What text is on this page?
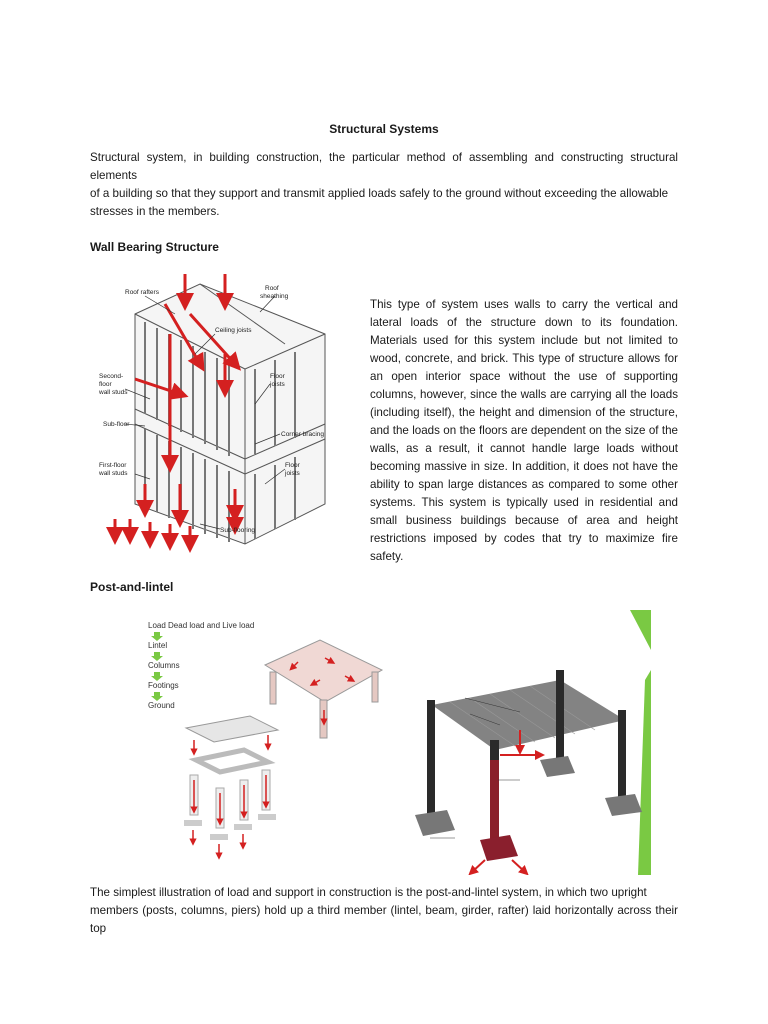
Structural Systems

Structural system, in building construction, the particular method of assembling and constructing structural elements
of a building so that they support and transmit applied loads safely to the ground without exceeding the allowable
stresses in the members.

Wall Bearing Structure
Roof rafters
Roof
sheathing
Ceiling joists
Second-
floor
wall studs
Floor
joists
Sub-floor
Corner bracing
First-floor
wall studs
Floor
joists
Sub-flooring

This type of system uses walls to carry the vertical and lateral loads of the structure down to its foundation. Materials used for this system include but not limited to wood, concrete, and brick. This type of structure allows for an open interior space without the use of supporting columns, however, since the walls are carrying all the loads (including itself), the height and dimension of the structure, and the loads on the floors are dependent on the size of the walls, as a result, it cannot handle large loads without becoming massive in size. In addition, it does not have the ability to span large distances as compared to some other systems. This system is typically used in residential and small business buildings because of area and height restrictions imposed by codes that try to maximize fire safety.

Post-and-lintel
Load Dead load and Live load
Lintel
Columns
Footings
Ground

The simplest illustration of load and support in construction is the post-and-lintel system, in which two upright
members (posts, columns, piers) hold up a third member (lintel, beam, girder, rafter) laid horizontally across their top
